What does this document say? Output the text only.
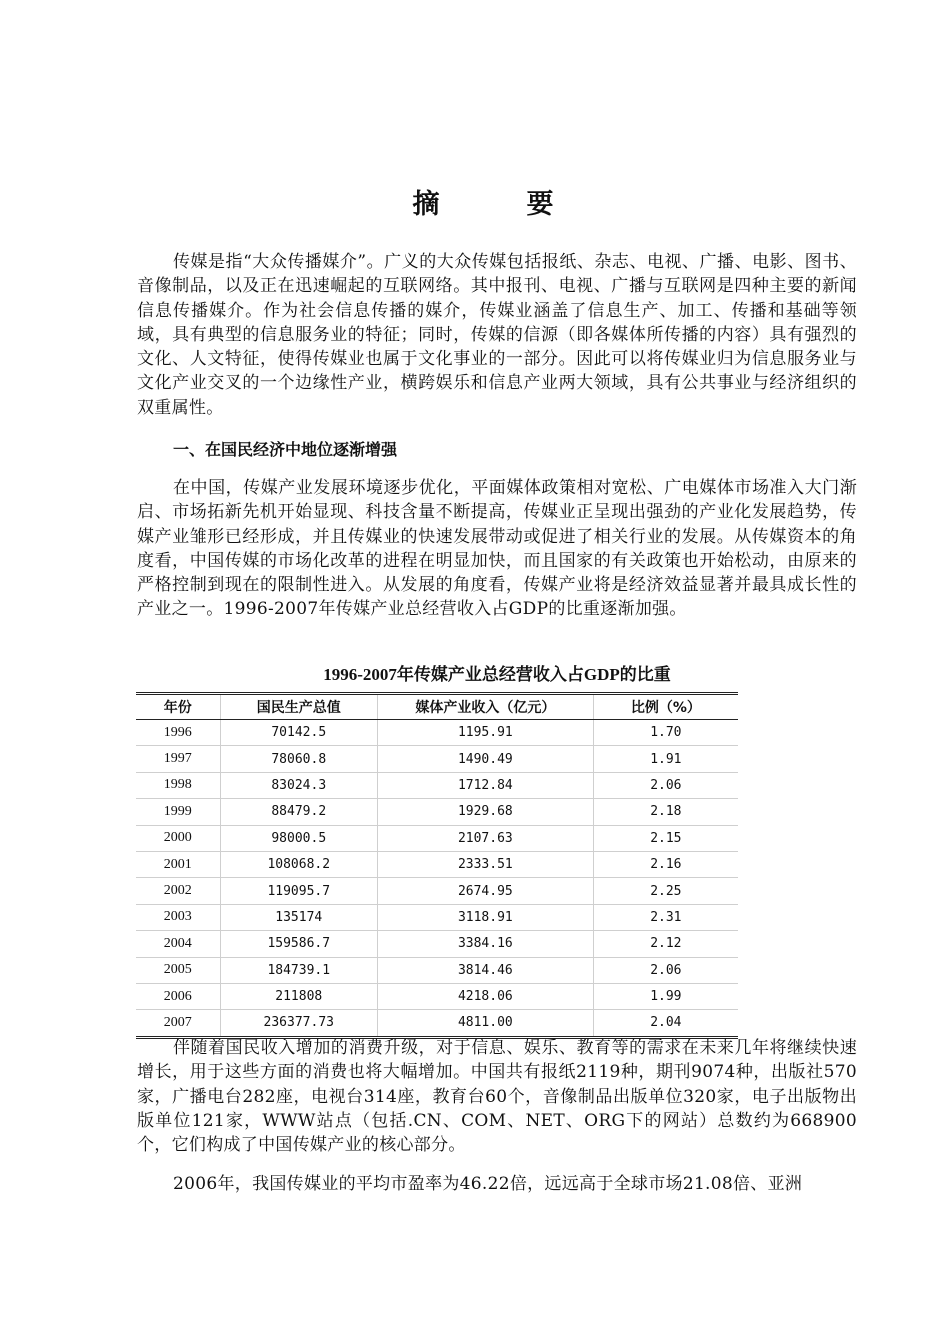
摘　要

传媒是指“大众传播媒介”。广义的大众传媒包括报纸、杂志、电视、广播、电影、图书、音像制品，以及正在迅速崛起的互联网络。其中报刊、电视、广播与互联网是四种主要的新闻信息传播媒介。作为社会信息传播的媒介，传媒业涵盖了信息生产、加工、传播和基础等领域，具有典型的信息服务业的特征；同时，传媒的信源（即各媒体所传播的内容）具有强烈的文化、人文特征，使得传媒业也属于文化事业的一部分。因此可以将传媒业归为信息服务业与文化产业交叉的一个边缘性产业，横跨娱乐和信息产业两大领域，具有公共事业与经济组织的双重属性。

一、在国民经济中地位逐渐增强

在中国，传媒产业发展环境逐步优化，平面媒体政策相对宽松、广电媒体市场准入大门渐启、市场拓新先机开始显现、科技含量不断提高，传媒业正呈现出强劲的产业化发展趋势，传媒产业雏形已经形成，并且传媒业的快速发展带动或促进了相关行业的发展。从传媒资本的角度看，中国传媒的市场化改革的进程在明显加快，而且国家的有关政策也开始松动，由原来的严格控制到现在的限制性进入。从发展的角度看，传媒产业将是经济效益显著并最具成长性的产业之一。1996-2007年传媒产业总经营收入占GDP的比重逐渐加强。

1996-2007年传媒产业总经营收入占GDP的比重
年份	国民生产总值	媒体产业收入（亿元）	比例（%）
1996	70142.5	1195.91	1.70
1997	78060.8	1490.49	1.91
1998	83024.3	1712.84	2.06
1999	88479.2	1929.68	2.18
2000	98000.5	2107.63	2.15
2001	108068.2	2333.51	2.16
2002	119095.7	2674.95	2.25
2003	135174	3118.91	2.31
2004	159586.7	3384.16	2.12
2005	184739.1	3814.46	2.06
2006	211808	4218.06	1.99
2007	236377.73	4811.00	2.04

伴随着国民收入增加的消费升级，对于信息、娱乐、教育等的需求在未来几年将继续快速增长，用于这些方面的消费也将大幅增加。中国共有报纸2119种，期刊9074种，出版社570家，广播电台282座，电视台314座，教育台60个，音像制品出版单位320家，电子出版物出版单位121家，WWW站点（包括.CN、COM、NET、ORG下的网站）总数约为668900个，它们构成了中国传媒产业的核心部分。

2006年，我国传媒业的平均市盈率为46.22倍，远远高于全球市场21.08倍、亚洲
